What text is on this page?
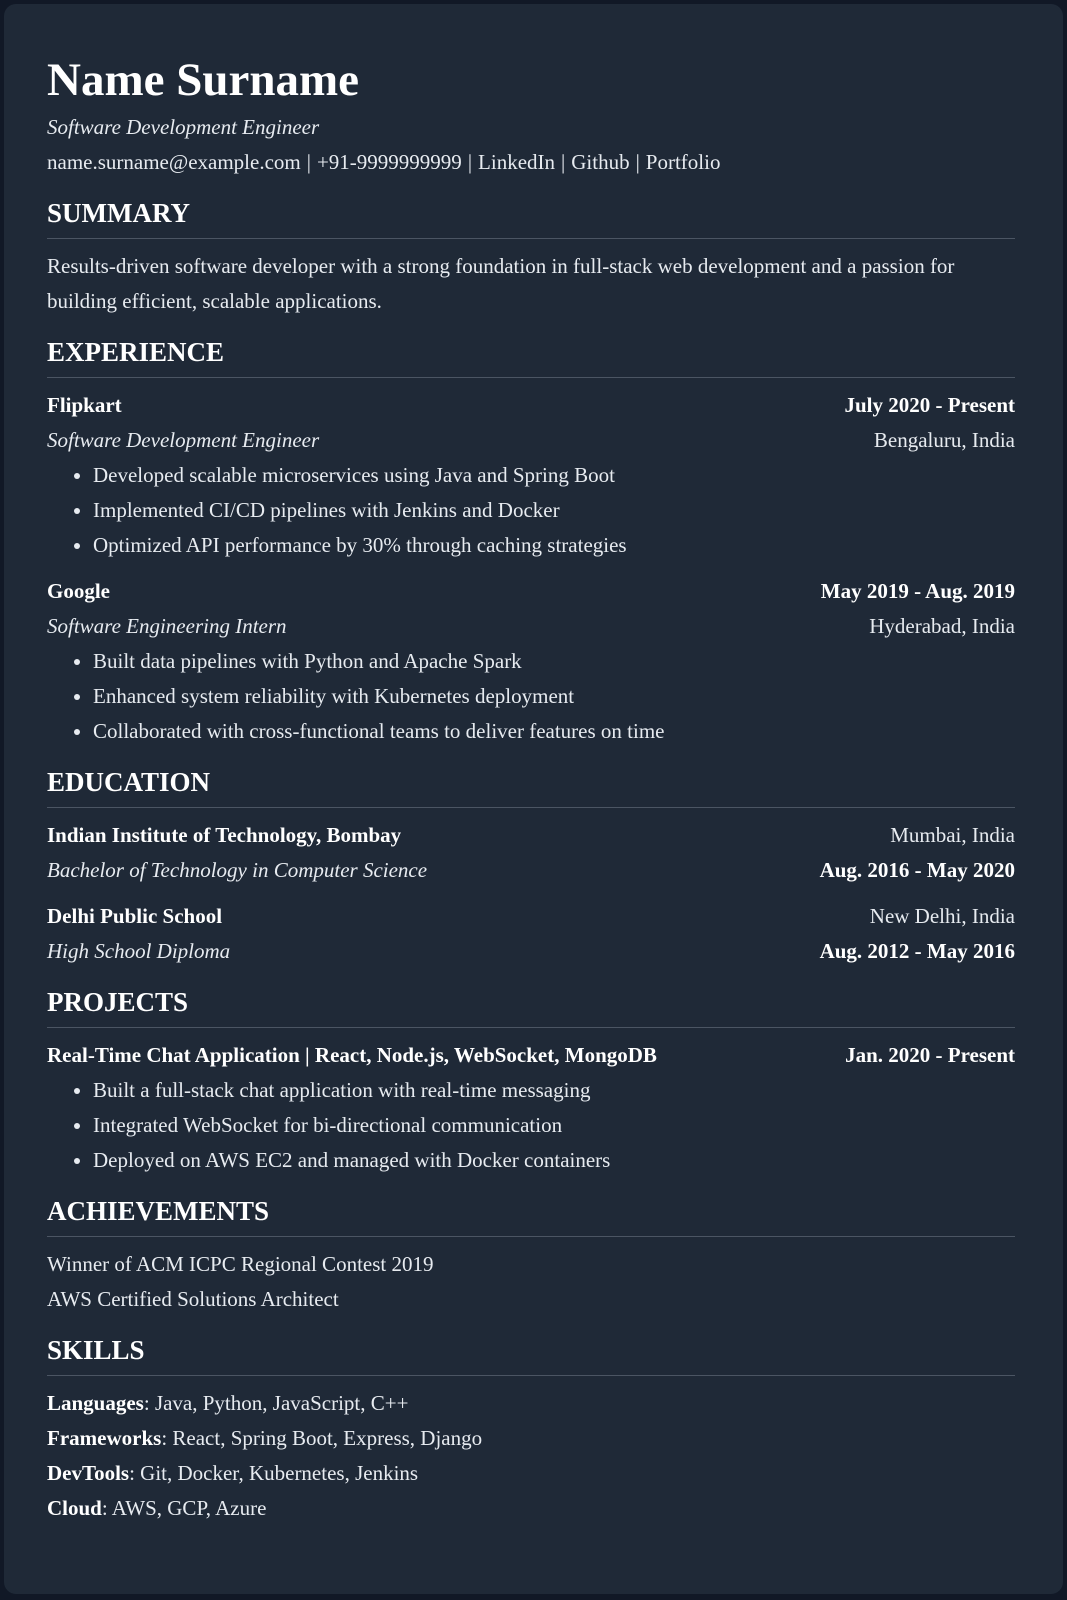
Name Surname

Software Development Engineer

name.surname@example.com | +91-9999999999 | LinkedIn | Github | Portfolio

SUMMARY

Results-driven software developer with a strong foundation in full-stack web development and a passion for building efficient, scalable applications.

EXPERIENCE
Flipkart	July 2020 - Present
Software Development Engineer	Bengaluru, India
• Developed scalable microservices using Java and Spring Boot
• Implemented CI/CD pipelines with Jenkins and Docker
• Optimized API performance by 30% through caching strategies
Google	May 2019 - Aug. 2019
Software Engineering Intern	Hyderabad, India
• Built data pipelines with Python and Apache Spark
• Enhanced system reliability with Kubernetes deployment
• Collaborated with cross-functional teams to deliver features on time
EDUCATION
Indian Institute of Technology, Bombay	Mumbai, India
Bachelor of Technology in Computer Science	Aug. 2016 - May 2020
Delhi Public School	New Delhi, India
High School Diploma	Aug. 2012 - May 2016
PROJECTS
Real-Time Chat Application | React, Node.js, WebSocket, MongoDB	Jan. 2020 - Present
• Built a full-stack chat application with real-time messaging
• Integrated WebSocket for bi-directional communication
• Deployed on AWS EC2 and managed with Docker containers
ACHIEVEMENTS

Winner of ACM ICPC Regional Contest 2019

AWS Certified Solutions Architect

SKILLS
Languages: Java, Python, JavaScript, C++
Frameworks: React, Spring Boot, Express, Django
DevTools: Git, Docker, Kubernetes, Jenkins
Cloud: AWS, GCP, Azure
